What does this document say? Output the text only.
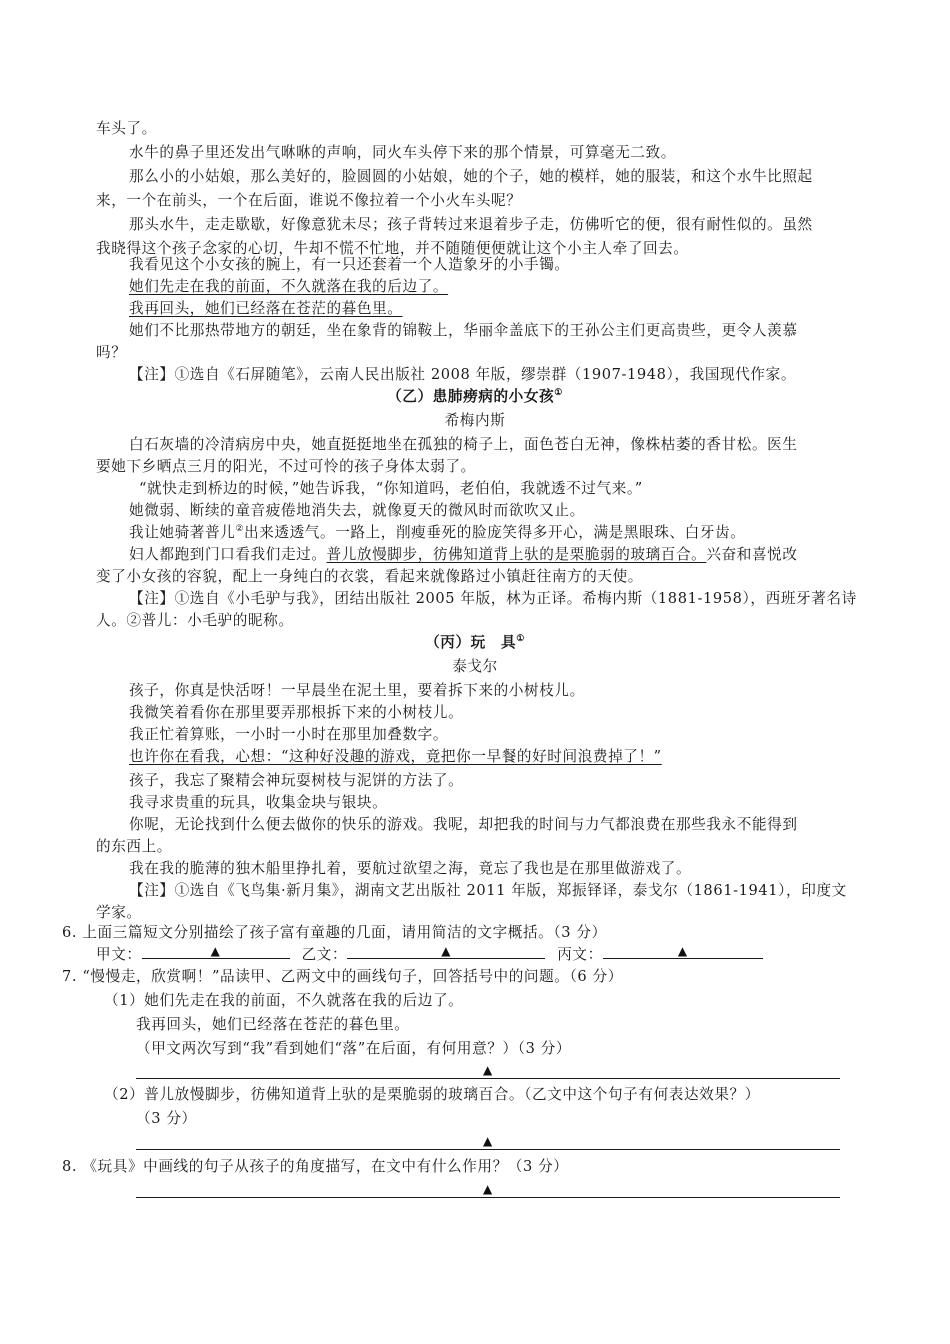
车头了。
水牛的鼻子里还发出气咻咻的声响，同火车头停下来的那个情景，可算毫无二致。
那么小的小姑娘，那么美好的，脸圆圆的小姑娘，她的个子，她的模样，她的服装，和这个水牛比照起
来，一个在前头，一个在后面，谁说不像拉着一个小火车头呢？
那头水牛，走走歇歇，好像意犹未尽；孩子背转过来退着步子走，仿佛听它的便，很有耐性似的。虽然
我晓得这个孩子念家的心切，牛却不慌不忙地，并不随随便便就让这个小主人牵了回去。
我看见这个小女孩的腕上，有一只还套着一个人造象牙的小手镯。
她们先走在我的前面，不久就落在我的后边了。
我再回头，她们已经落在苍茫的暮色里。
她们不比那热带地方的朝廷，坐在象背的锦鞍上，华丽伞盖底下的王孙公主们更高贵些，更令人羡慕
吗？
【注】①选自《石屏随笔》，云南人民出版社 2008 年版，缪崇群（1907-1948），我国现代作家。
（乙）患肺痨病的小女孩①
希梅内斯
白石灰墙的冷清病房中央，她直挺挺地坐在孤独的椅子上，面色苍白无神，像株枯萎的香甘松。医生
要她下乡晒点三月的阳光，不过可怜的孩子身体太弱了。
“就快走到桥边的时候，”她告诉我，“你知道吗，老伯伯，我就透不过气来。”
她微弱、断续的童音疲倦地消失去，就像夏天的微风时而欲吹又止。
我让她骑著普儿②出来透透气。一路上，削瘦垂死的脸庞笑得多开心，满是黑眼珠、白牙齿。
妇人都跑到门口看我们走过。普儿放慢脚步，彷佛知道背上驮的是栗脆弱的玻璃百合。兴奋和喜悦改
变了小女孩的容貌，配上一身纯白的衣裳，看起来就像路过小镇赶往南方的天使。
【注】①选自《小毛驴与我》，团结出版社 2005 年版，林为正译。希梅内斯（1881-1958），西班牙著名诗
人。②普儿：小毛驴的昵称。
（丙）玩　具①
泰戈尔
孩子，你真是快活呀！一早晨坐在泥土里，要着拆下来的小树枝儿。
我微笑着看你在那里要弄那根拆下来的小树枝儿。
我正忙着算账，一小时一小时在那里加叠数字。
也许你在看我，心想：“这种好没趣的游戏，竟把你一早餐的好时间浪费掉了！”
孩子，我忘了聚精会神玩耍树枝与泥饼的方法了。
我寻求贵重的玩具，收集金块与银块。
你呢，无论找到什么便去做你的快乐的游戏。我呢，却把我的时间与力气都浪费在那些我永不能得到
的东西上。
我在我的脆薄的独木船里挣扎着，要航过欲望之海，竟忘了我也是在那里做游戏了。
【注】①选自《飞鸟集·新月集》，湖南文艺出版社 2011 年版，郑振铎译，泰戈尔（1861-1941），印度文
学家。
6. 上面三篇短文分别描绘了孩子富有童趣的几面，请用简洁的文字概括。（3 分）
甲文：	▲	乙文：	▲	丙文：	▲
7. “慢慢走，欣赏啊！”品读甲、乙两文中的画线句子，回答括号中的问题。（6 分）
（1）她们先走在我的前面，不久就落在我的后边了。
我再回头，她们已经落在苍茫的暮色里。
（甲文两次写到“我”看到她们“落”在后面，有何用意？）（3 分）
▲
（2）普儿放慢脚步，彷佛知道背上驮的是栗脆弱的玻璃百合。（乙文中这个句子有何表达效果？）
（3 分）
▲
8. 《玩具》中画线的句子从孩子的角度描写，在文中有什么作用？（3 分）
▲
